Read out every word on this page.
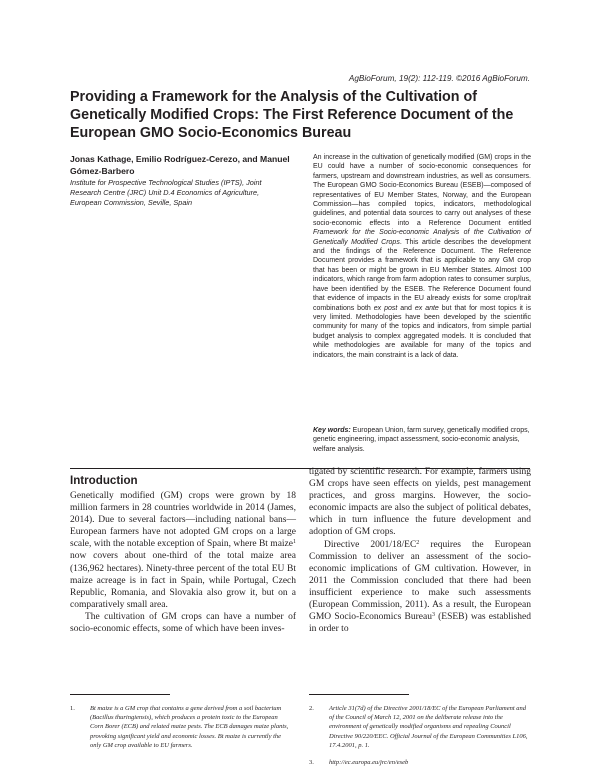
AgBioForum, 19(2): 112-119. ©2016 AgBioForum.
Providing a Framework for the Analysis of the Cultivation of Genetically Modified Crops: The First Reference Document of the European GMO Socio-Economics Bureau

Jonas Kathage, Emilio Rodríguez-Cerezo, and Manuel Gómez-Barbero

Institute for Prospective Technological Studies (IPTS), Joint Research Centre (JRC) Unit D.4 Economics of Agriculture, European Commission, Seville, Spain

An increase in the cultivation of genetically modified (GM) crops in the EU could have a number of socio-economic consequences for farmers, upstream and downstream industries, as well as consumers. The European GMO Socio-Economics Bureau (ESEB)—composed of representatives of EU Member States, Norway, and the European Commission—has compiled topics, indicators, methodological guidelines, and potential data sources to carry out analyses of these socio-economic effects into a Reference Document entitled Framework for the Socio-economic Analysis of the Cultivation of Genetically Modified Crops. This article describes the development and the findings of the Reference Document. The Reference Document provides a framework that is applicable to any GM crop that has been or might be grown in EU Member States. Almost 100 indicators, which range from farm adoption rates to consumer surplus, have been identified by the ESEB. The Reference Document found that evidence of impacts in the EU already exists for some crop/trait combinations both ex post and ex ante but that for most topics it is very limited. Methodologies have been developed by the scientific community for many of the topics and indicators, from simple partial budget analysis to complex aggregated models. It is concluded that while methodologies are available for many of the topics and indicators, the main constraint is a lack of data.

Key words: European Union, farm survey, genetically modified crops, genetic engineering, impact assessment, socio-economic analysis, welfare analysis.

Introduction

Genetically modified (GM) crops were grown by 18 million farmers in 28 countries worldwide in 2014 (James, 2014). Due to several factors—including national bans—European farmers have not adopted GM crops on a large scale, with the notable exception of Spain, where Bt maize$^1$ now covers about one-third of the total maize area (136,962 hectares). Ninety-three percent of the total EU Bt maize acreage is in fact in Spain, while Portugal, Czech Republic, Romania, and Slovakia also grow it, but on a comparatively small area.

The cultivation of GM crops can have a number of socio-economic effects, some of which have been inves-

tigated by scientific research. For example, farmers using GM crops have seen effects on yields, pest management practices, and gross margins. However, the socio-economic impacts are also the subject of political debates, which in turn influence the future development and adoption of GM crops.

Directive $2001/18/EC^2$ requires the European Commission to deliver an assessment of the socio-economic implications of GM cultivation. However, in 2011 the Commission concluded that there had been insufficient experience to make such assessments (European Commission, 2011). As a result, the European GMO Socio-Economics Bureau$^3$ (ESEB) was established in order to

1. Bt maize is a GM crop that contains a gene derived from a soil bacterium (Bacillus thuringiensis), which produces a protein toxic to the European Corn Borer (ECB) and related maize pests. The ECB damages maize plants, provoking significant yield and economic losses. Bt maize is currently the only GM crop available to EU farmers.

2. Article 31(7d) of the Directive 2001/18/EC of the European Parliament and of the Council of March 12, 2001 on the deliberate release into the environment of genetically modified organisms and repealing Council Directive 90/220/EEC. Official Journal of the European Communities L106, 17.4.2001, p. 1.

3. http://ec.europa.eu/jrc/en/eseb
